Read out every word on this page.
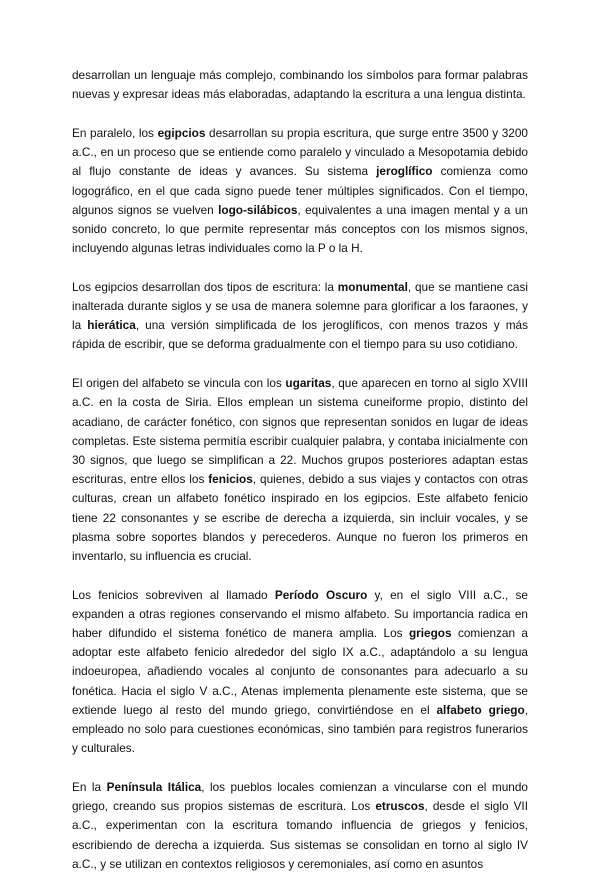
desarrollan un lenguaje más complejo, combinando los símbolos para formar palabras nuevas y expresar ideas más elaboradas, adaptando la escritura a una lengua distinta.

En paralelo, los egipcios desarrollan su propia escritura, que surge entre 3500 y 3200 a.C., en un proceso que se entiende como paralelo y vinculado a Mesopotamia debido al flujo constante de ideas y avances. Su sistema jeroglífico comienza como logográfico, en el que cada signo puede tener múltiples significados. Con el tiempo, algunos signos se vuelven logo-silábicos, equivalentes a una imagen mental y a un sonido concreto, lo que permite representar más conceptos con los mismos signos, incluyendo algunas letras individuales como la P o la H.

Los egipcios desarrollan dos tipos de escritura: la monumental, que se mantiene casi inalterada durante siglos y se usa de manera solemne para glorificar a los faraones, y la hierática, una versión simplificada de los jeroglíficos, con menos trazos y más rápida de escribir, que se deforma gradualmente con el tiempo para su uso cotidiano.

El origen del alfabeto se vincula con los ugaritas, que aparecen en torno al siglo XVIII a.C. en la costa de Siria. Ellos emplean un sistema cuneiforme propio, distinto del acadiano, de carácter fonético, con signos que representan sonidos en lugar de ideas completas. Este sistema permitía escribir cualquier palabra, y contaba inicialmente con 30 signos, que luego se simplifican a 22. Muchos grupos posteriores adaptan estas escrituras, entre ellos los fenicios, quienes, debido a sus viajes y contactos con otras culturas, crean un alfabeto fonético inspirado en los egipcios. Este alfabeto fenicio tiene 22 consonantes y se escribe de derecha a izquierda, sin incluir vocales, y se plasma sobre soportes blandos y perecederos. Aunque no fueron los primeros en inventarlo, su influencia es crucial.

Los fenicios sobreviven al llamado Período Oscuro y, en el siglo VIII a.C., se expanden a otras regiones conservando el mismo alfabeto. Su importancia radica en haber difundido el sistema fonético de manera amplia. Los griegos comienzan a adoptar este alfabeto fenicio alrededor del siglo IX a.C., adaptándolo a su lengua indoeuropea, añadiendo vocales al conjunto de consonantes para adecuarlo a su fonética. Hacia el siglo V a.C., Atenas implementa plenamente este sistema, que se extiende luego al resto del mundo griego, convirtiéndose en el alfabeto griego, empleado no solo para cuestiones económicas, sino también para registros funerarios y culturales.

En la Península Itálica, los pueblos locales comienzan a vincularse con el mundo griego, creando sus propios sistemas de escritura. Los etruscos, desde el siglo VII a.C., experimentan con la escritura tomando influencia de griegos y fenicios, escribiendo de derecha a izquierda. Sus sistemas se consolidan en torno al siglo IV a.C., y se utilizan en contextos religiosos y ceremoniales, así como en asuntos
